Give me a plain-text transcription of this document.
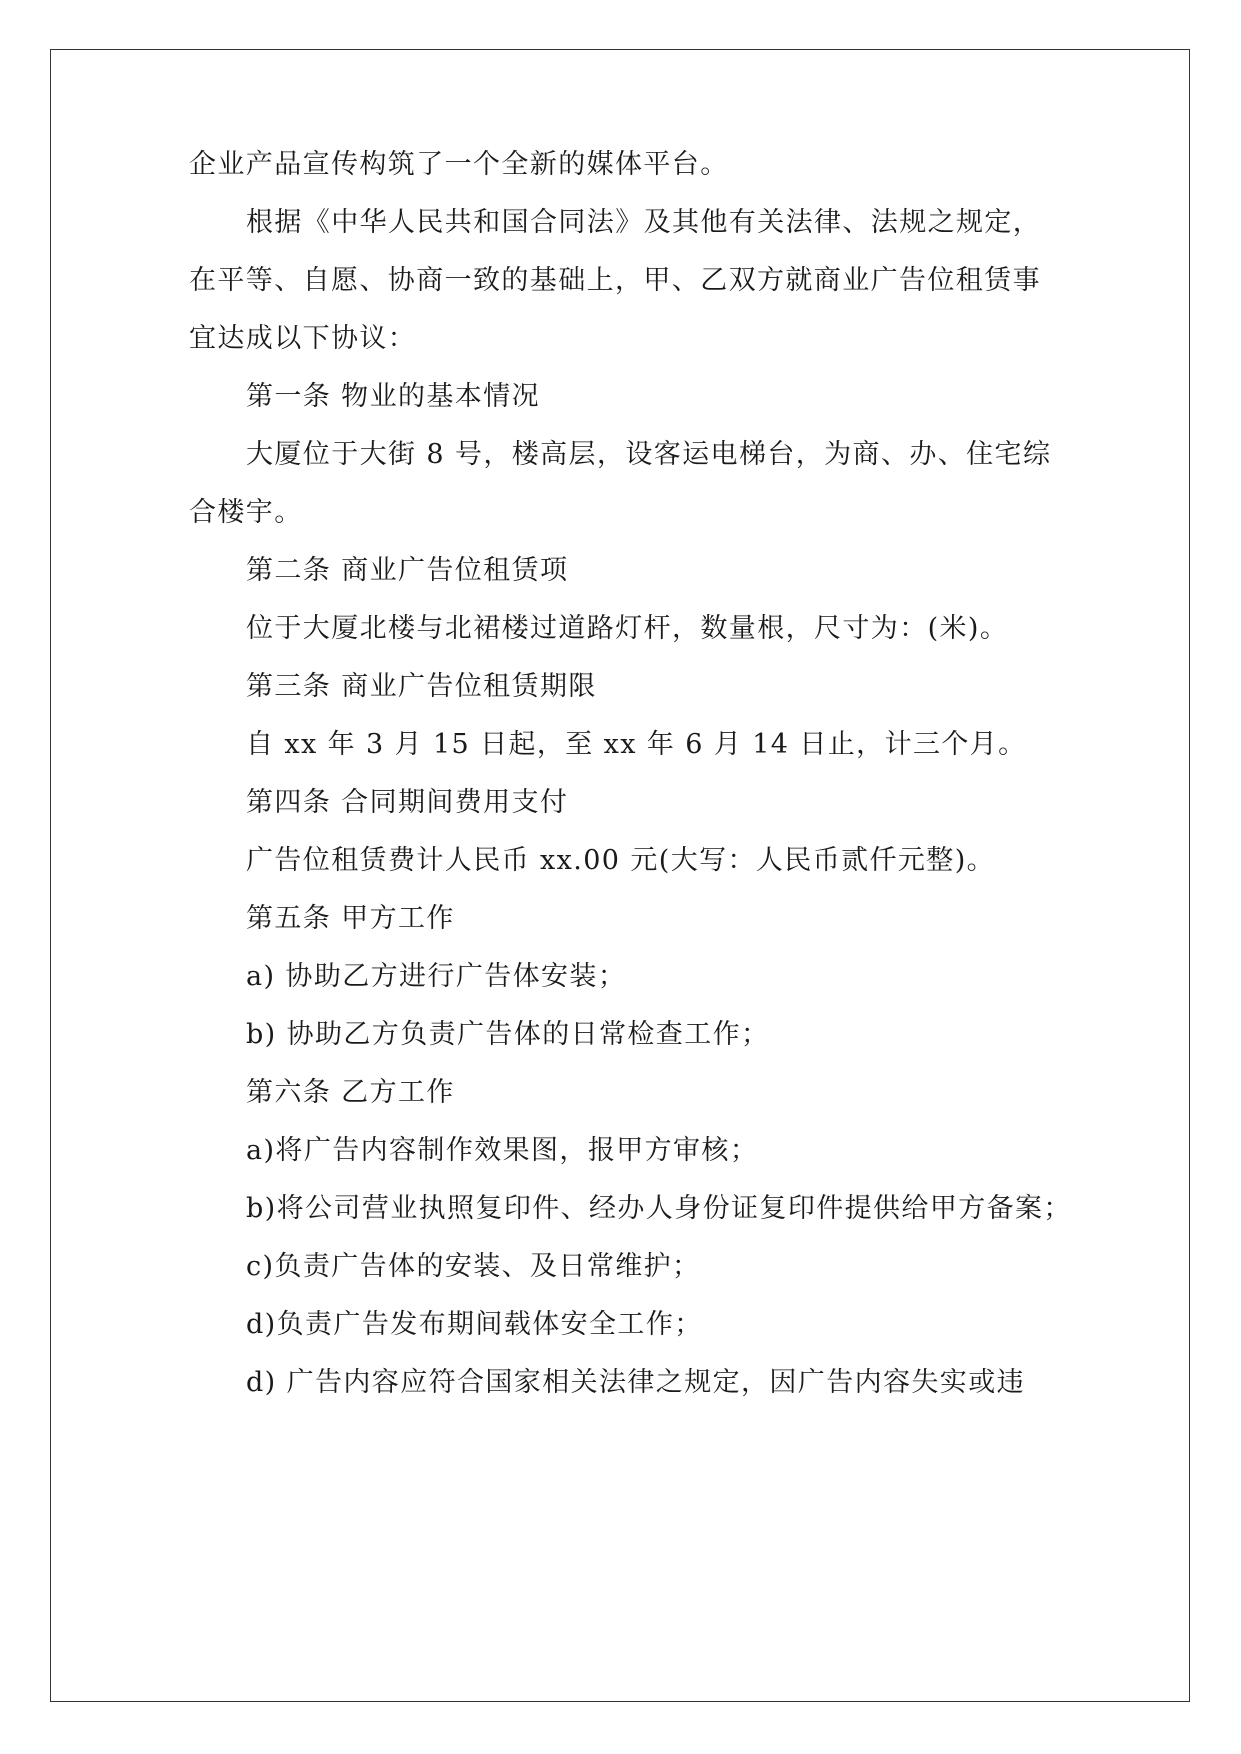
企业产品宣传构筑了一个全新的媒体平台。
根据《中华人民共和国合同法》及其他有关法律、法规之规定，
在平等、自愿、协商一致的基础上，甲、乙双方就商业广告位租赁事
宜达成以下协议：
第一条 物业的基本情况
大厦位于大街 8 号，楼高层，设客运电梯台，为商、办、住宅综
合楼宇。
第二条 商业广告位租赁项
位于大厦北楼与北裙楼过道路灯杆，数量根，尺寸为：(米)。
第三条 商业广告位租赁期限
自 xx 年 3 月 15 日起，至 xx 年 6 月 14 日止，计三个月。
第四条 合同期间费用支付
广告位租赁费计人民币 xx.00 元(大写：人民币贰仟元整)。
第五条 甲方工作
a) 协助乙方进行广告体安装；
b) 协助乙方负责广告体的日常检查工作；
第六条 乙方工作
a)将广告内容制作效果图，报甲方审核；
b)将公司营业执照复印件、经办人身份证复印件提供给甲方备案；
c)负责广告体的安装、及日常维护；
d)负责广告发布期间载体安全工作；
d) 广告内容应符合国家相关法律之规定，因广告内容失实或违
